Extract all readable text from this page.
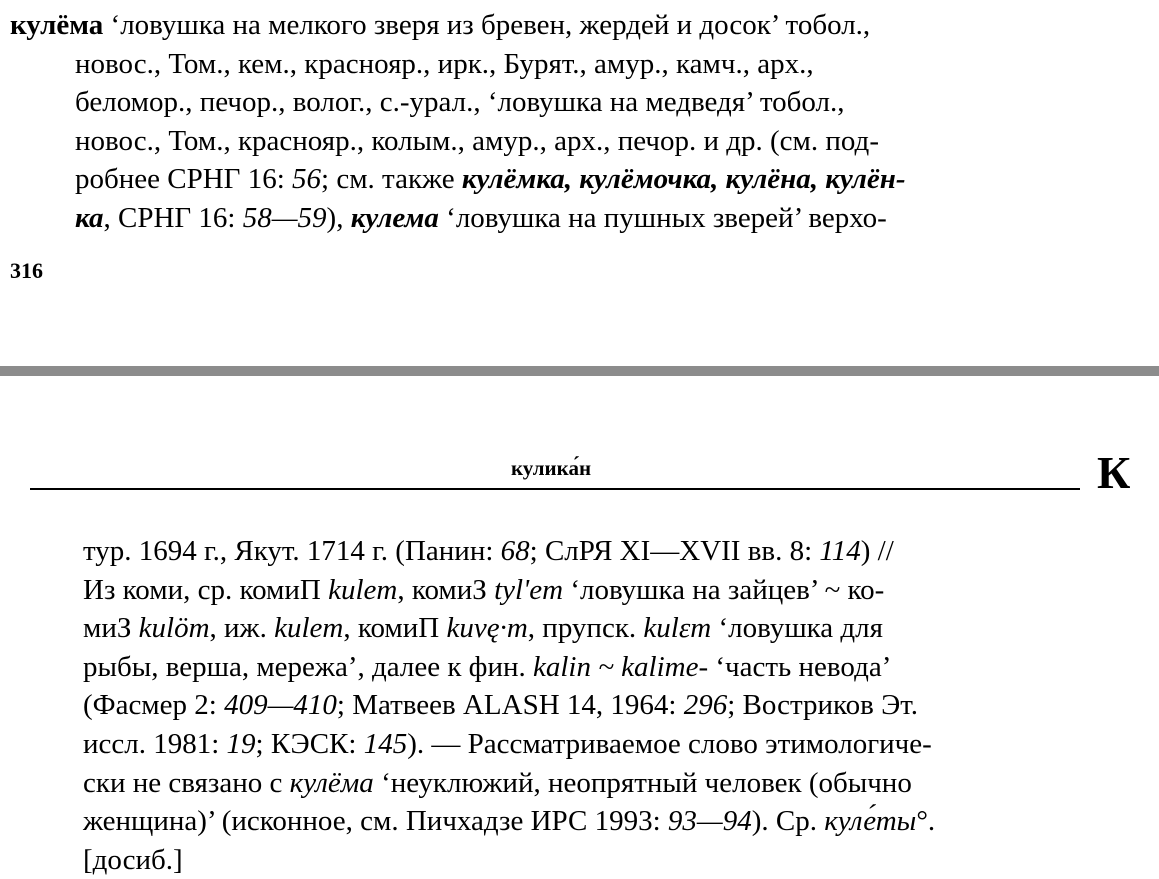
кулёма ‘ловушка на мелкого зверя из бревен, жердей и досок’ тобол.,
новос., Том., кем., краснояр., ирк., Бурят., амур., камч., арх.,
беломор., печор., волог., с.-урал., ‘ловушка на медведя’ тобол.,
новос., Том., краснояр., колым., амур., арх., печор. и др. (см. под-
робнее СРНГ 16: 56; см. также кулёмка, кулёмочка, кулёна, кулён-
ка, СРНГ 16: 58—59), кулема ‘ловушка на пушных зверей’ верхо-

316
кулика́н	К

тур. 1694 г., Якут. 1714 г. (Панин: 68; СлРЯ XI—XVII вв. 8: 114) //
Из коми, ср. комиП kulem, комиЗ tyl'em ‘ловушка на зайцев’ ~ ко-
миЗ kulöm, иж. kulem, комиП kuvę·m, прупск. kulεm ‘ловушка для
рыбы, верша, мережа’, далее к фин. kalin ~ kalime- ‘часть невода’
(Фасмер 2: 409—410; Матвеев ALASH 14, 1964: 296; Востриков Эт.
иссл. 1981: 19; КЭСК: 145). — Рассматриваемое слово этимологиче-
ски не связано с кулёма ‘неуклюжий, неопрятный человек (обычно
женщина)’ (исконное, см. Пичхадзе ИРС 1993: 93—94). Ср. куле́ты°.
[досиб.]
